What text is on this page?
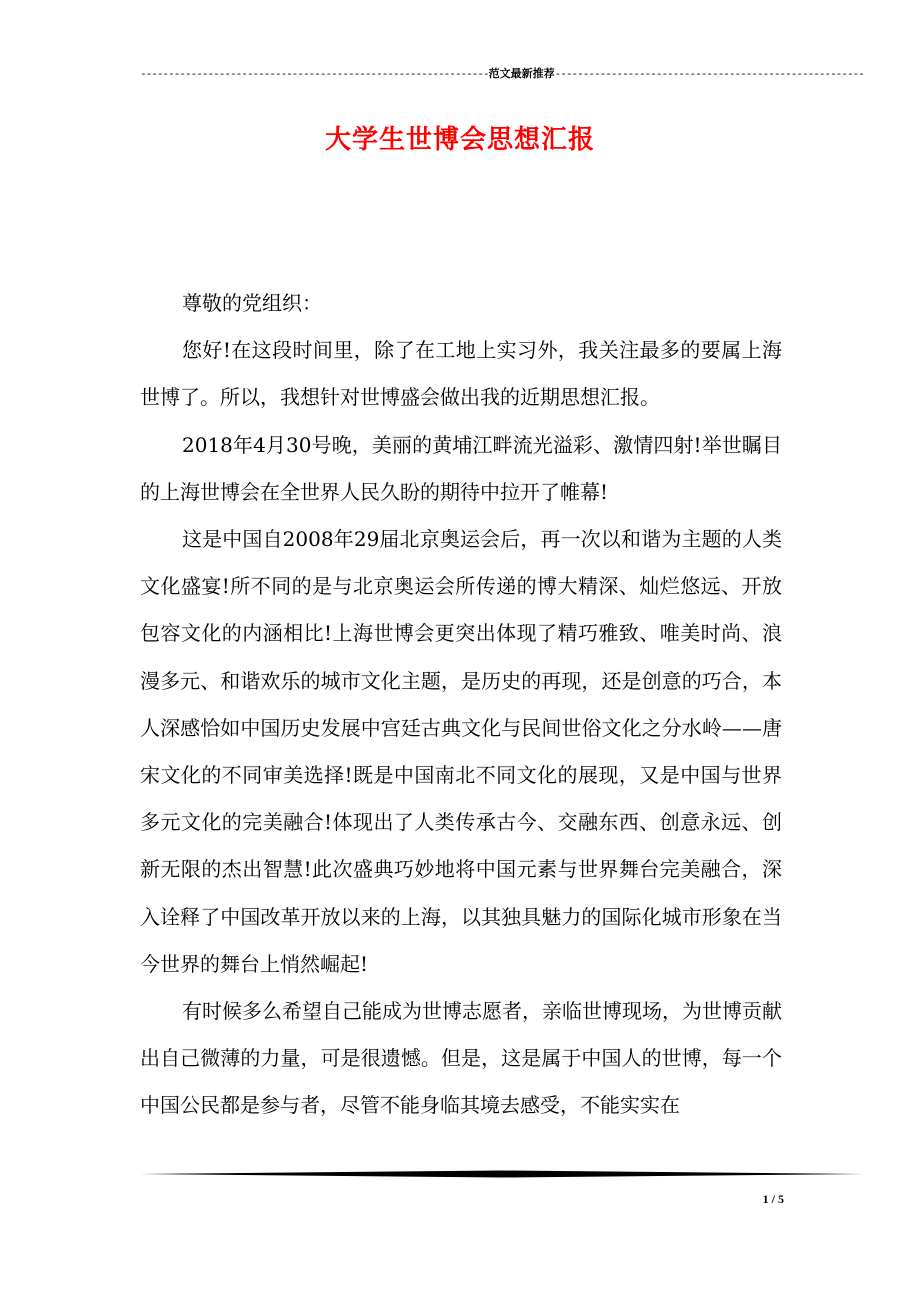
--------------------------------------------------------------范文最新推荐-------------------------------------------------------
大学生世博会思想汇报

尊敬的党组织：

您好!在这段时间里，除了在工地上实习外，我关注最多的要属上海世博了。所以，我想针对世博盛会做出我的近期思想汇报。

2018年4月30号晚，美丽的黄埔江畔流光溢彩、激情四射!举世瞩目的上海世博会在全世界人民久盼的期待中拉开了帷幕!

这是中国自2008年29届北京奥运会后，再一次以和谐为主题的人类文化盛宴!所不同的是与北京奥运会所传递的博大精深、灿烂悠远、开放包容文化的内涵相比!上海世博会更突出体现了精巧雅致、唯美时尚、浪漫多元、和谐欢乐的城市文化主题，是历史的再现，还是创意的巧合，本人深感恰如中国历史发展中宫廷古典文化与民间世俗文化之分水岭——唐宋文化的不同审美选择!既是中国南北不同文化的展现，又是中国与世界多元文化的完美融合!体现出了人类传承古今、交融东西、创意永远、创新无限的杰出智慧!此次盛典巧妙地将中国元素与世界舞台完美融合，深入诠释了中国改革开放以来的上海，以其独具魅力的国际化城市形象在当今世界的舞台上悄然崛起!

有时候多么希望自己能成为世博志愿者，亲临世博现场，为世博贡献出自己微薄的力量，可是很遗憾。但是，这是属于中国人的世博，每一个中国公民都是参与者，尽管不能身临其境去感受，不能实实在

1 / 5
